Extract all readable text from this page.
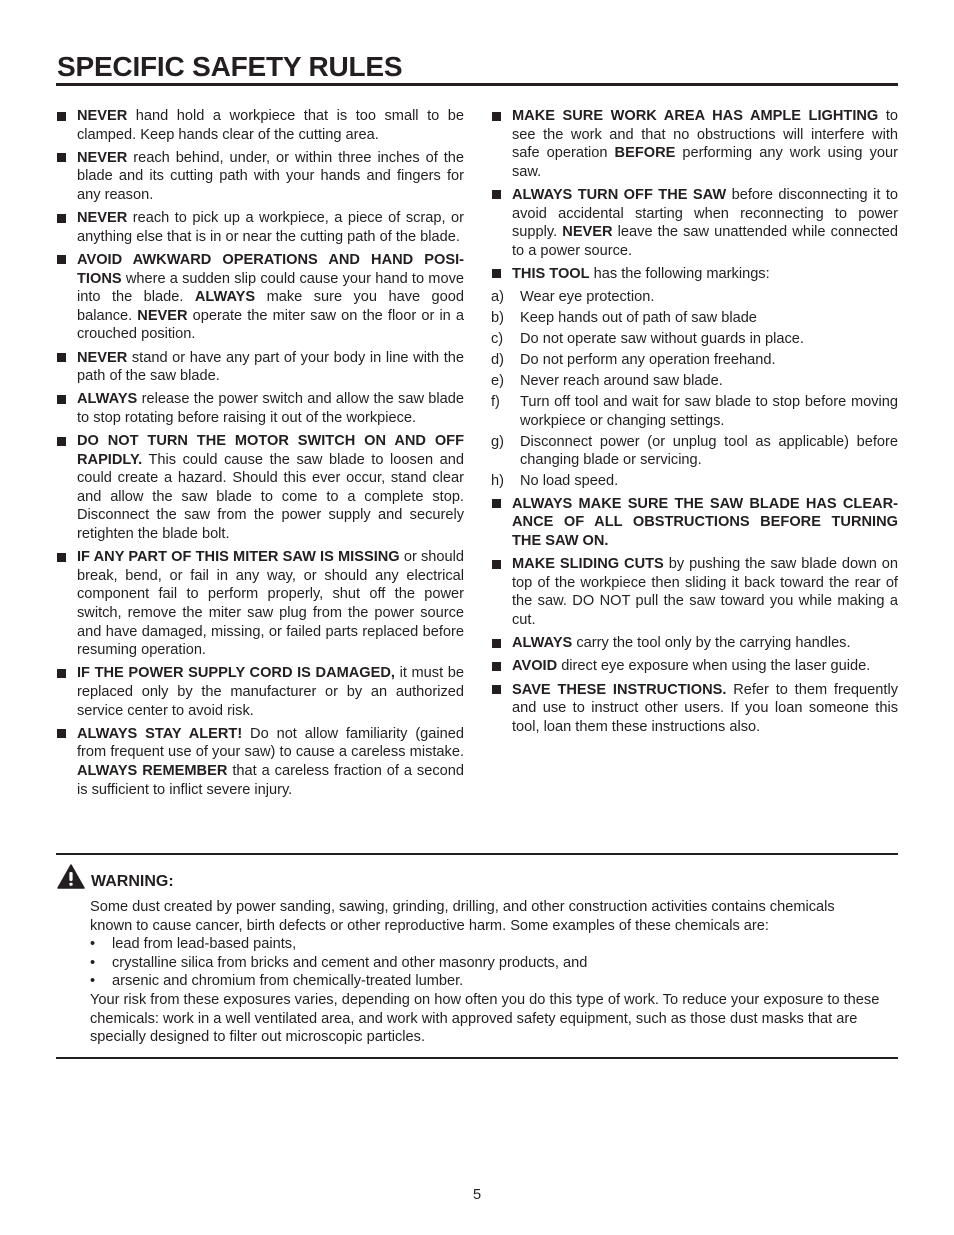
SPECIFIC SAFETY RULES
NEVER hand hold a workpiece that is too small to be clamped. Keep hands clear of the cutting area.
NEVER reach behind, under, or within three inches of the blade and its cutting path with your hands and fingers for any reason.
NEVER reach to pick up a workpiece, a piece of scrap, or anything else that is in or near the cutting path of the blade.
AVOID AWKWARD OPERATIONS AND HAND POSI-TIONS where a sudden slip could cause your hand to move into the blade. ALWAYS make sure you have good balance. NEVER operate the miter saw on the floor or in a crouched position.
NEVER stand or have any part of your body in line with the path of the saw blade.
ALWAYS release the power switch and allow the saw blade to stop rotating before raising it out of the workpiece.
DO NOT TURN THE MOTOR SWITCH ON AND OFF RAPIDLY. This could cause the saw blade to loosen and could create a hazard. Should this ever occur, stand clear and allow the saw blade to come to a complete stop. Disconnect the saw from the power supply and securely retighten the blade bolt.
IF ANY PART OF THIS MITER SAW IS MISSING or should break, bend, or fail in any way, or should any electrical component fail to perform properly, shut off the power switch, remove the miter saw plug from the power source and have damaged, missing, or failed parts replaced before resuming operation.
IF THE POWER SUPPLY CORD IS DAMAGED, it must be replaced only by the manufacturer or by an authorized service center to avoid risk.
ALWAYS STAY ALERT! Do not allow familiarity (gained from frequent use of your saw) to cause a careless mistake. ALWAYS REMEMBER that a careless fraction of a second is sufficient to inflict severe injury.
MAKE SURE WORK AREA HAS AMPLE LIGHTING to see the work and that no obstructions will interfere with safe operation BEFORE performing any work using your saw.
ALWAYS TURN OFF THE SAW before disconnecting it to avoid accidental starting when reconnecting to power supply. NEVER leave the saw unattended while connected to a power source.
THIS TOOL has the following markings:
a) Wear eye protection.
b) Keep hands out of path of saw blade
c) Do not operate saw without guards in place.
d) Do not perform any operation freehand.
e) Never reach around saw blade.
f) Turn off tool and wait for saw blade to stop before moving workpiece or changing settings.
g) Disconnect power (or unplug tool as applicable) before changing blade or servicing.
h) No load speed.
ALWAYS MAKE SURE THE SAW BLADE HAS CLEAR-ANCE OF ALL OBSTRUCTIONS BEFORE TURNING THE SAW ON.
MAKE SLIDING CUTS by pushing the saw blade down on top of the workpiece then sliding it back toward the rear of the saw. DO NOT pull the saw toward you while making a cut.
ALWAYS carry the tool only by the carrying handles.
AVOID direct eye exposure when using the laser guide.
SAVE THESE INSTRUCTIONS. Refer to them frequently and use to instruct other users. If you loan someone this tool, loan them these instructions also.
WARNING:

Some dust created by power sanding, sawing, grinding, drilling, and other construction activities contains chemicals known to cause cancer, birth defects or other reproductive harm. Some examples of these chemicals are:

• lead from lead-based paints,
• crystalline silica from bricks and cement and other masonry products, and
• arsenic and chromium from chemically-treated lumber.

Your risk from these exposures varies, depending on how often you do this type of work. To reduce your exposure to these chemicals: work in a well ventilated area, and work with approved safety equipment, such as those dust masks that are specially designed to filter out microscopic particles.

5
